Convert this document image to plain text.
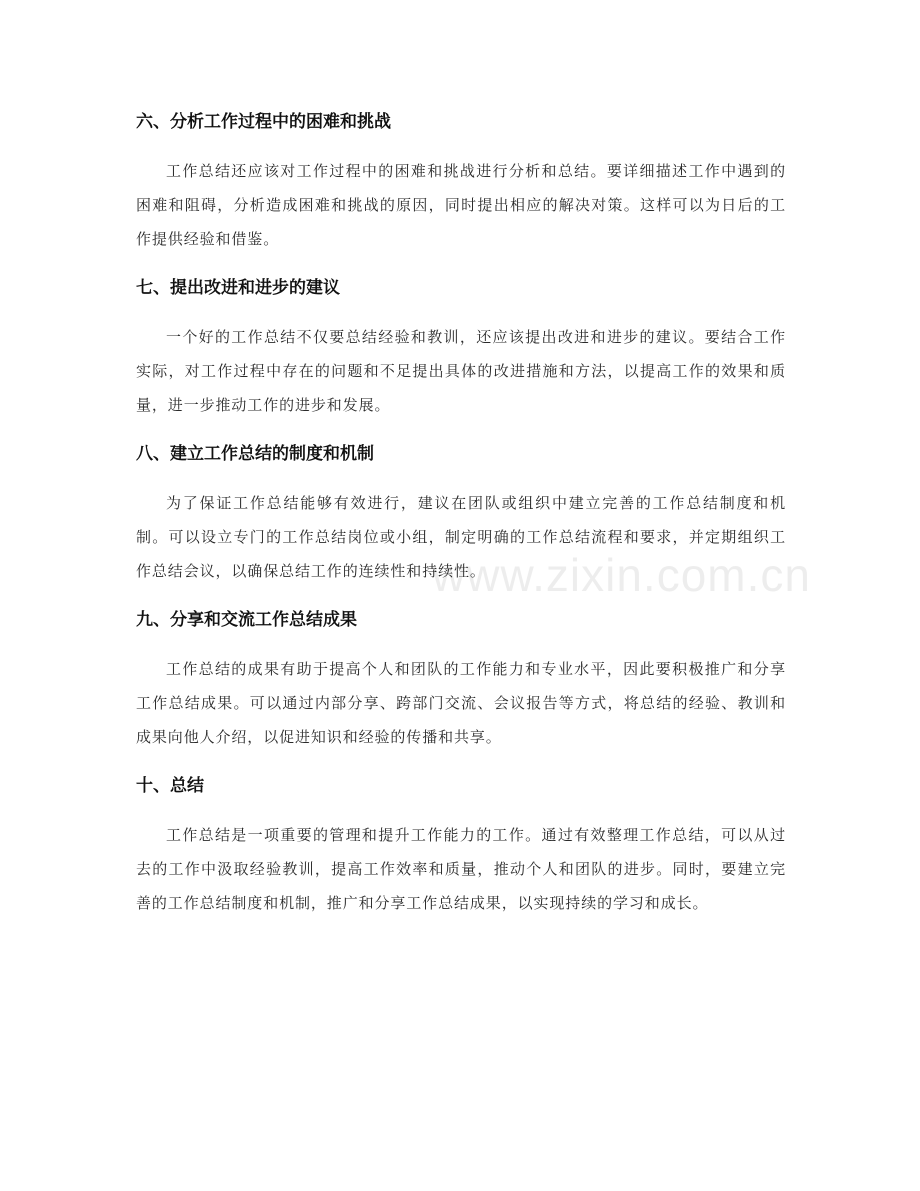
六、分析工作过程中的困难和挑战

工作总结还应该对工作过程中的困难和挑战进行分析和总结。要详细描述工作中遇到的困难和阻碍，分析造成困难和挑战的原因，同时提出相应的解决对策。这样可以为日后的工作提供经验和借鉴。

七、提出改进和进步的建议

一个好的工作总结不仅要总结经验和教训，还应该提出改进和进步的建议。要结合工作实际，对工作过程中存在的问题和不足提出具体的改进措施和方法，以提高工作的效果和质量，进一步推动工作的进步和发展。

八、建立工作总结的制度和机制

为了保证工作总结能够有效进行，建议在团队或组织中建立完善的工作总结制度和机制。可以设立专门的工作总结岗位或小组，制定明确的工作总结流程和要求，并定期组织工作总结会议，以确保总结工作的连续性和持续性。

九、分享和交流工作总结成果

工作总结的成果有助于提高个人和团队的工作能力和专业水平，因此要积极推广和分享工作总结成果。可以通过内部分享、跨部门交流、会议报告等方式，将总结的经验、教训和成果向他人介绍，以促进知识和经验的传播和共享。

十、总结

工作总结是一项重要的管理和提升工作能力的工作。通过有效整理工作总结，可以从过去的工作中汲取经验教训，提高工作效率和质量，推动个人和团队的进步。同时，要建立完善的工作总结制度和机制，推广和分享工作总结成果，以实现持续的学习和成长。

www.zixin.com.cn
